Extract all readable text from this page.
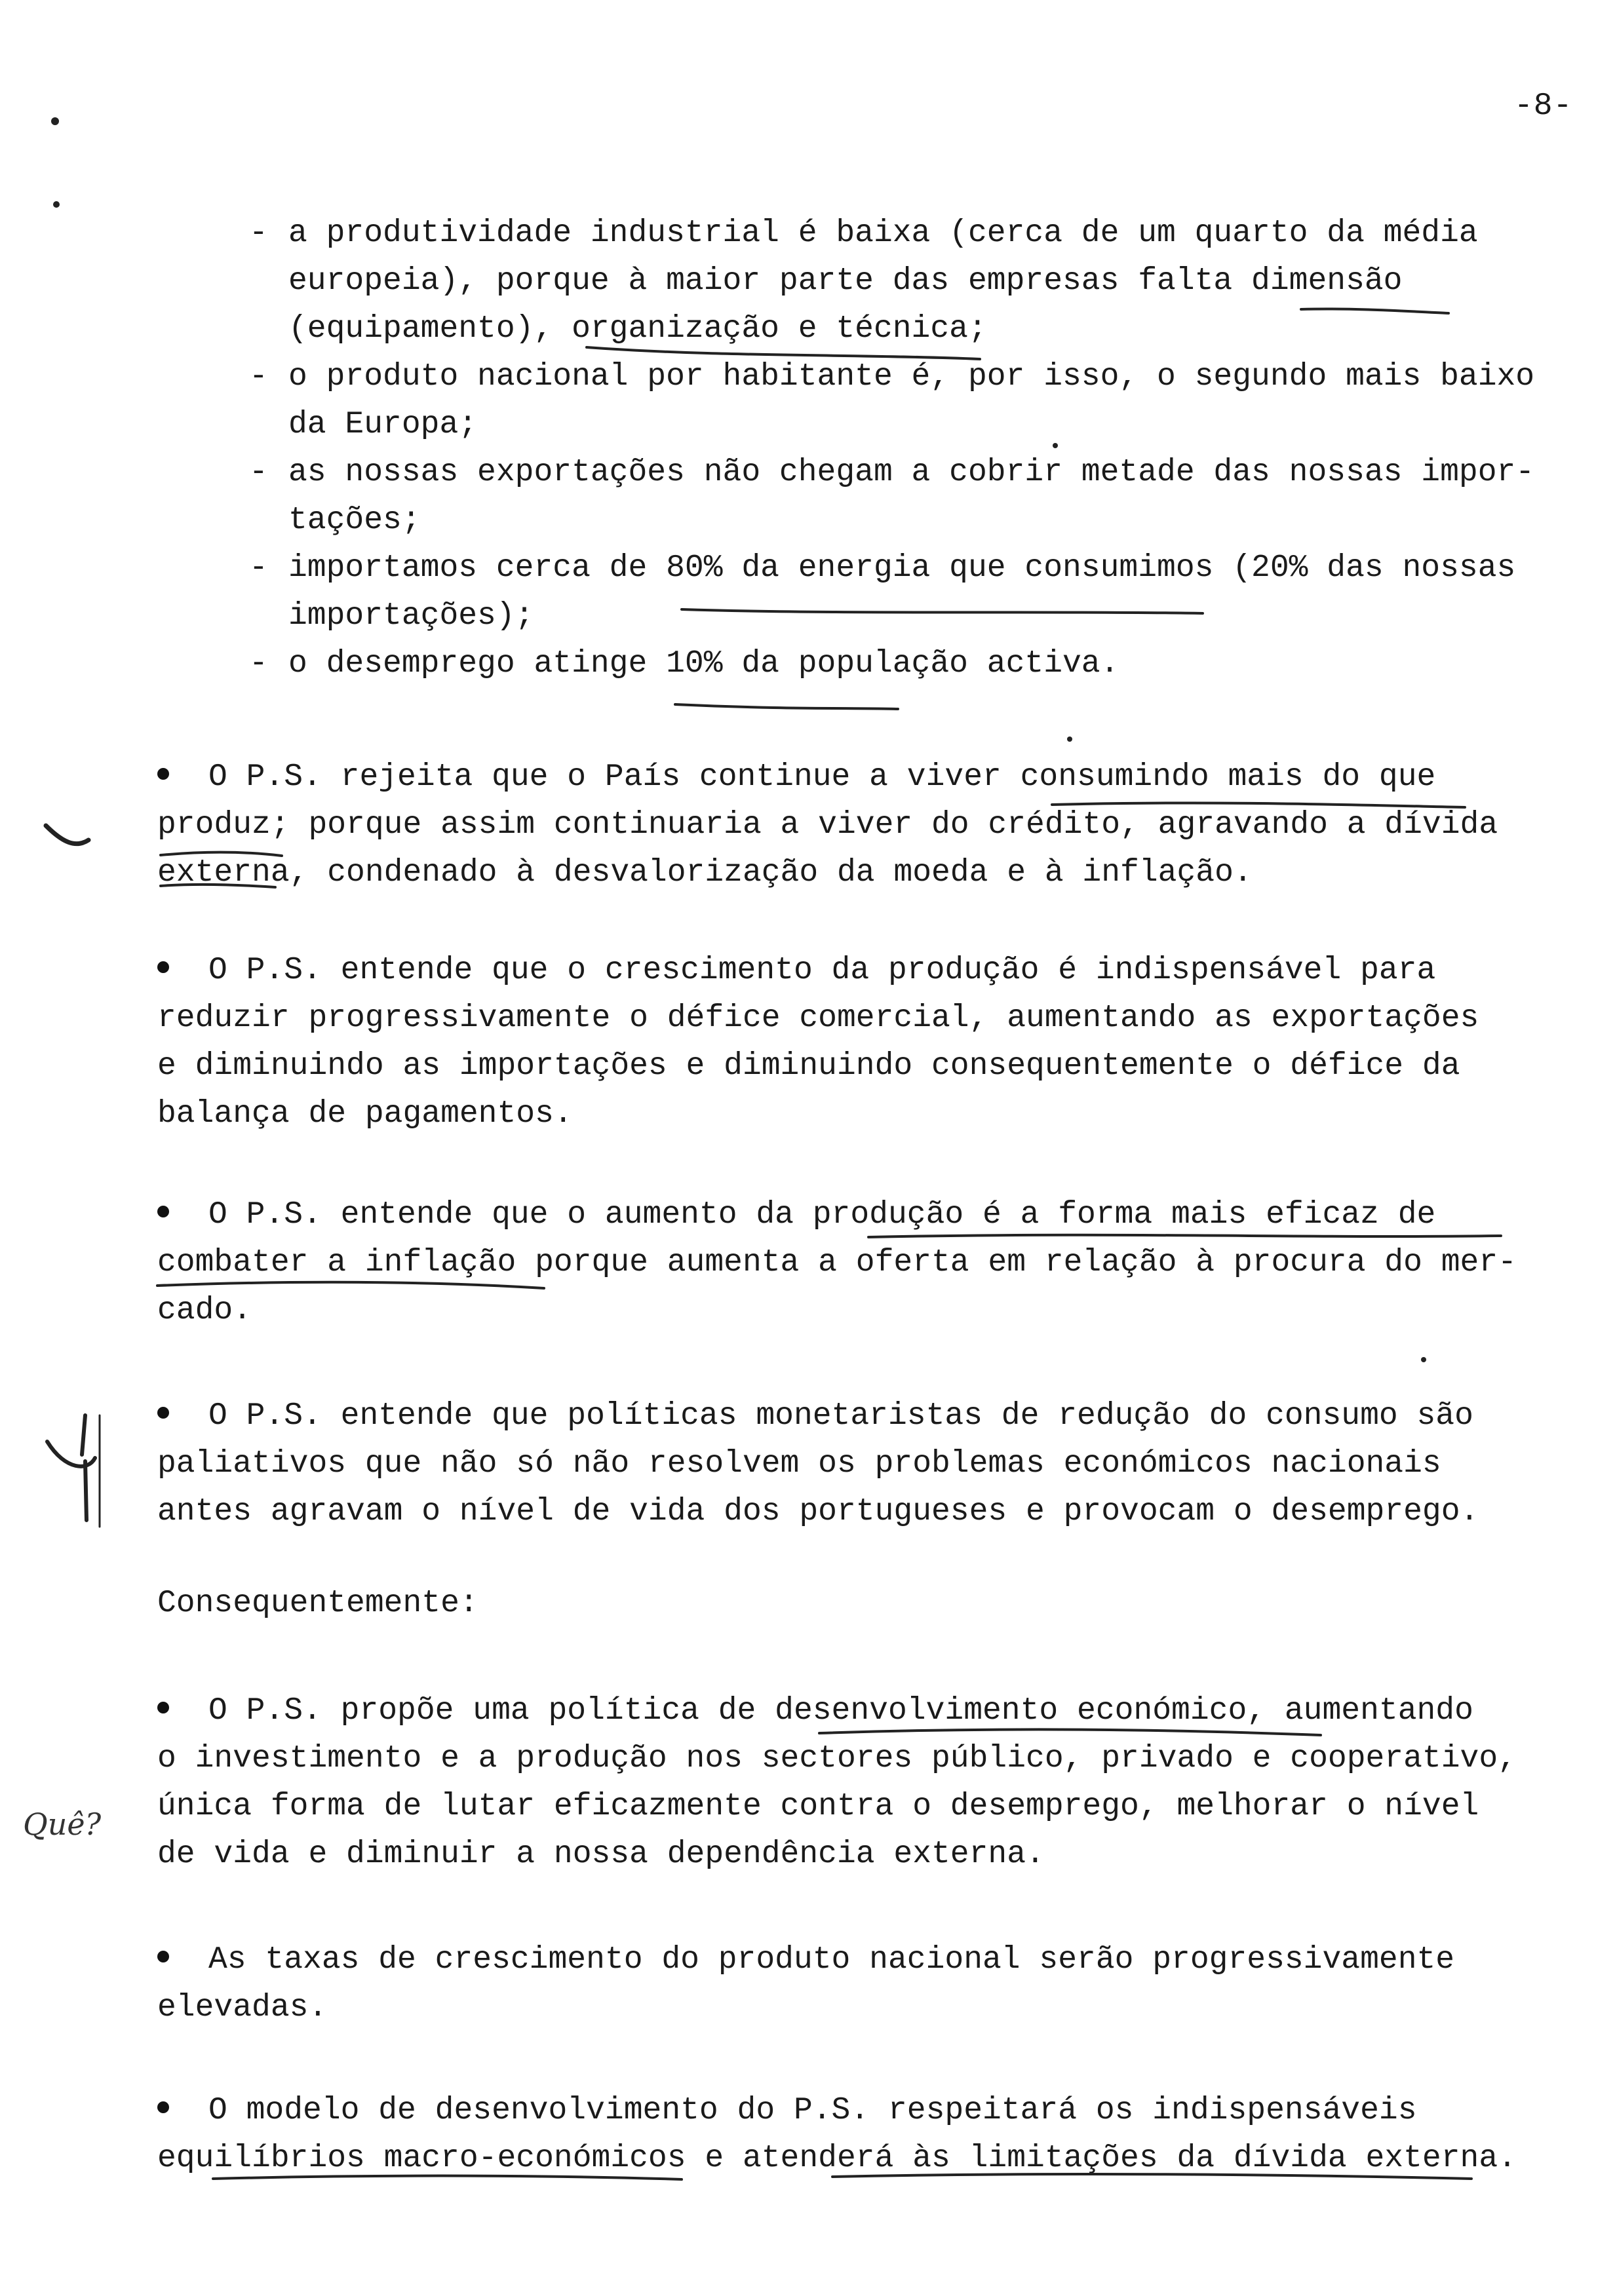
-8-
- a produtividade industrial é baixa (cerca de um quarto da média
europeia), porque à maior parte das empresas falta dimensão
(equipamento), organização e técnica;
- o produto nacional por habitante é, por isso, o segundo mais baixo
da Europa;
- as nossas exportações não chegam a cobrir metade das nossas impor-
tações;
- importamos cerca de 80% da energia que consumimos (20% das nossas
importações);
- o desemprego atinge 10% da população activa.
O P.S. rejeita que o País continue a viver consumindo mais do que
produz; porque assim continuaria a viver do crédito, agravando a dívida
externa, condenado à desvalorização da moeda e à inflação.
O P.S. entende que o crescimento da produção é indispensável para
reduzir progressivamente o défice comercial, aumentando as exportações
e diminuindo as importações e diminuindo consequentemente o défice da
balança de pagamentos.
O P.S. entende que o aumento da produção é a forma mais eficaz de
combater a inflação porque aumenta a oferta em relação à procura do mer-
cado.
O P.S. entende que políticas monetaristas de redução do consumo são
paliativos que não só não resolvem os problemas económicos nacionais
antes agravam o nível de vida dos portugueses e provocam o desemprego.
Consequentemente:
O P.S. propõe uma política de desenvolvimento económico, aumentando
o investimento e a produção nos sectores público, privado e cooperativo,
única forma de lutar eficazmente contra o desemprego, melhorar o nível
de vida e diminuir a nossa dependência externa.
As taxas de crescimento do produto nacional serão progressivamente
elevadas.
O modelo de desenvolvimento do P.S. respeitará os indispensáveis
equilíbrios macro-económicos e atenderá às limitações da dívida externa.
Quê?
